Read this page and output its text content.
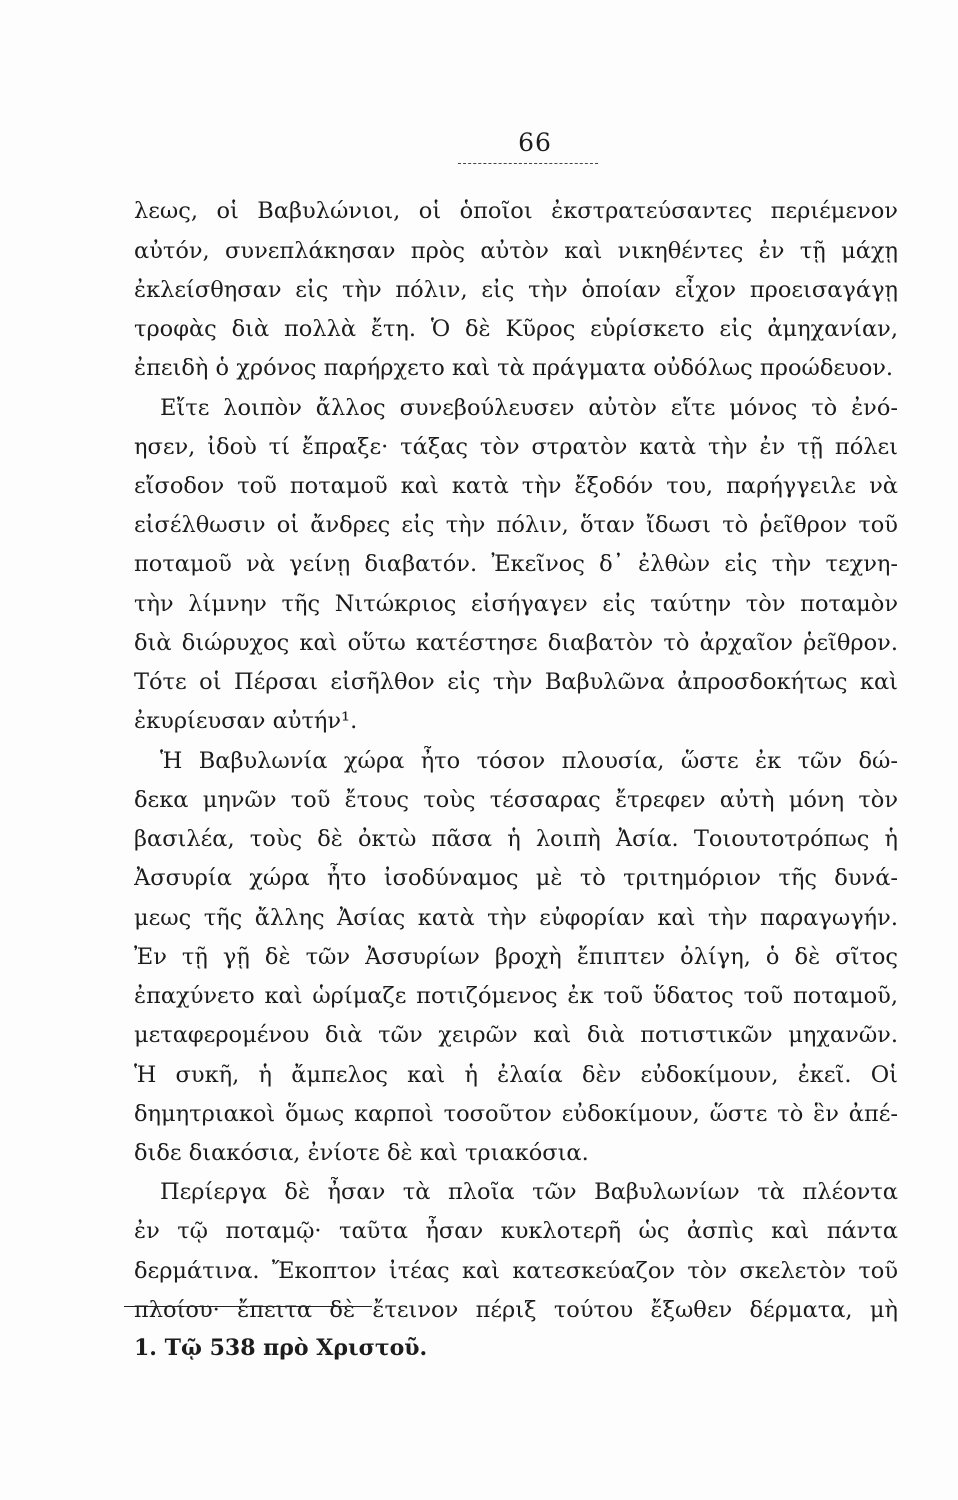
66
λεως, οἱ Βαβυλώνιοι, οἱ ὁποῖοι ἐκστρατεύσαντες περιέμενον
αὐτόν, συνεπλάκησαν πρὸς αὐτὸν καὶ νικηθέντες ἐν τῇ μάχῃ
ἐκλείσθησαν εἰς τὴν πόλιν, εἰς τὴν ὁποίαν εἶχον προεισαγάγῃ
τροφὰς διὰ πολλὰ ἔτη. Ὁ δὲ Κῦρος εὑρίσκετο εἰς ἀμηχανίαν,
ἐπειδὴ ὁ χρόνος παρήρχετο καὶ τὰ πράγματα οὐδόλως προώδευον.
Εἴτε λοιπὸν ἄλλος συνεβούλευσεν αὐτὸν εἴτε μόνος τὸ ἐνό-
ησεν, ἰδοὺ τί ἔπραξε· τάξας τὸν στρατὸν κατὰ τὴν ἐν τῇ πόλει
εἴσοδον τοῦ ποταμοῦ καὶ κατὰ τὴν ἔξοδόν του, παρήγγειλε νὰ
εἰσέλθωσιν οἱ ἄνδρες εἰς τὴν πόλιν, ὅταν ἴδωσι τὸ ῥεῖθρον τοῦ
ποταμοῦ νὰ γείνῃ διαβατόν. Ἐκεῖνος δ᾽ ἐλθὼν εἰς τὴν τεχνη-
τὴν λίμνην τῆς Νιτώκριος εἰσήγαγεν εἰς ταύτην τὸν ποταμὸν
διὰ διώρυχος καὶ οὕτω κατέστησε διαβατὸν τὸ ἀρχαῖον ῥεῖθρον.
Τότε οἱ Πέρσαι εἰσῆλθον εἰς τὴν Βαβυλῶνα ἀπροσδοκήτως καὶ
ἐκυρίευσαν αὐτήν¹.
Ἡ Βαβυλωνία χώρα ἦτο τόσον πλουσία, ὥστε ἐκ τῶν δώ-
δεκα μηνῶν τοῦ ἔτους τοὺς τέσσαρας ἔτρεφεν αὐτὴ μόνη τὸν
βασιλέα, τοὺς δὲ ὀκτὼ πᾶσα ἡ λοιπὴ Ἀσία. Τοιουτοτρόπως ἡ
Ἀσσυρία χώρα ἦτο ἰσοδύναμος μὲ τὸ τριτημόριον τῆς δυνά-
μεως τῆς ἄλλης Ἀσίας κατὰ τὴν εὐφορίαν καὶ τὴν παραγωγήν.
Ἐν τῇ γῇ δὲ τῶν Ἀσσυρίων βροχὴ ἔπιπτεν ὀλίγη, ὁ δὲ σῖτος
ἐπαχύνετο καὶ ὡρίμαζε ποτιζόμενος ἐκ τοῦ ὕδατος τοῦ ποταμοῦ,
μεταφερομένου διὰ τῶν χειρῶν καὶ διὰ ποτιστικῶν μηχανῶν.
Ἡ συκῆ, ἡ ἄμπελος καὶ ἡ ἐλαία δὲν εὐδοκίμουν, ἐκεῖ. Οἱ
δημητριακοὶ ὅμως καρποὶ τοσοῦτον εὐδοκίμουν, ὥστε τὸ ἓν ἀπέ-
διδε διακόσια, ἐνίοτε δὲ καὶ τριακόσια.
Περίεργα δὲ ἦσαν τὰ πλοῖα τῶν Βαβυλωνίων τὰ πλέοντα
ἐν τῷ ποταμῷ· ταῦτα ἦσαν κυκλοτερῆ ὡς ἀσπὶς καὶ πάντα
δερμάτινα. Ἔκοπτον ἰτέας καὶ κατεσκεύαζον τὸν σκελετὸν τοῦ
πλοίου· ἔπειτα δὲ ἔτεινον πέριξ τούτου ἔξωθεν δέρματα, μὴ
1. Τῷ 538 πρὸ Χριστοῦ.
